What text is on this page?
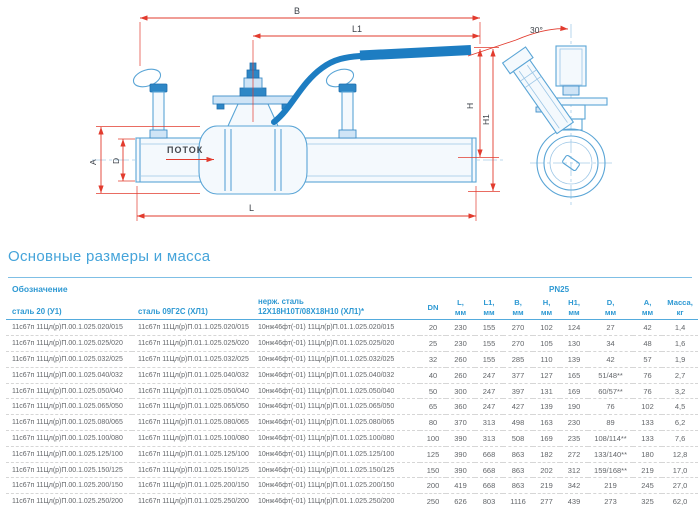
B
L1
A D
L
H
H1
ПОТОК
30°
Основные размеры и масса
Обозначение			PN25								
сталь 20 (У1)	сталь 09Г2С (ХЛ1)	нерж. сталь
12Х18Н10Т/08Х18Н10 (ХЛ1)*	DN	L,
мм	L1,
мм	B,
мм	H,
мм	H1,
мм	D,
мм	A,
мм	Масса,
кг
11с67п 11Цл(р)П.00.1.025.020/015	11с67п 11Цл(р)П.01.1.025.020/015	10нж46фт(-01) 11Цл(р)П.01.1.025.020/015	20	230	155	270	102	124	27	42	1,4
11с67п 11Цл(р)П.00.1.025.025/020	11с67п 11Цл(р)П.01.1.025.025/020	10нж46фт(-01) 11Цл(р)П.01.1.025.025/020	25	230	155	270	105	130	34	48	1,6
11с67п 11Цл(р)П.00.1.025.032/025	11с67п 11Цл(р)П.01.1.025.032/025	10нж46фт(-01) 11Цл(р)П.01.1.025.032/025	32	260	155	285	110	139	42	57	1,9
11с67п 11Цл(р)П.00.1.025.040/032	11с67п 11Цл(р)П.01.1.025.040/032	10нж46фт(-01) 11Цл(р)П.01.1.025.040/032	40	260	247	377	127	165	51/48**	76	2,7
11с67п 11Цл(р)П.00.1.025.050/040	11с67п 11Цл(р)П.01.1.025.050/040	10нж46фт(-01) 11Цл(р)П.01.1.025.050/040	50	300	247	397	131	169	60/57**	76	3,2
11с67п 11Цл(р)П.00.1.025.065/050	11с67п 11Цл(р)П.01.1.025.065/050	10нж46фт(-01) 11Цл(р)П.01.1.025.065/050	65	360	247	427	139	190	76	102	4,5
11с67п 11Цл(р)П.00.1.025.080/065	11с67п 11Цл(р)П.01.1.025.080/065	10нж46фт(-01) 11Цл(р)П.01.1.025.080/065	80	370	313	498	163	230	89	133	6,2
11с67п 11Цл(р)П.00.1.025.100/080	11с67п 11Цл(р)П.01.1.025.100/080	10нж46фт(-01) 11Цл(р)П.01.1.025.100/080	100	390	313	508	169	235	108/114**	133	7,6
11с67п 11Цл(р)П.00.1.025.125/100	11с67п 11Цл(р)П.01.1.025.125/100	10нж46фт(-01) 11Цл(р)П.01.1.025.125/100	125	390	668	863	182	272	133/140**	180	12,8
11с67п 11Цл(р)П.00.1.025.150/125	11с67п 11Цл(р)П.01.1.025.150/125	10нж46фт(-01) 11Цл(р)П.01.1.025.150/125	150	390	668	863	202	312	159/168**	219	17,0
11с67п 11Цл(р)П.00.1.025.200/150	11с67п 11Цл(р)П.01.1.025.200/150	10нж46фт(-01) 11Цл(р)П.01.1.025.200/150	200	419	668	863	219	342	219	245	27,0
11с67п 11Цл(р)П.00.1.025.250/200	11с67п 11Цл(р)П.01.1.025.250/200	10нж46фт(-01) 11Цл(р)П.01.1.025.250/200	250	626	803	1116	277	439	273	325	62,0
